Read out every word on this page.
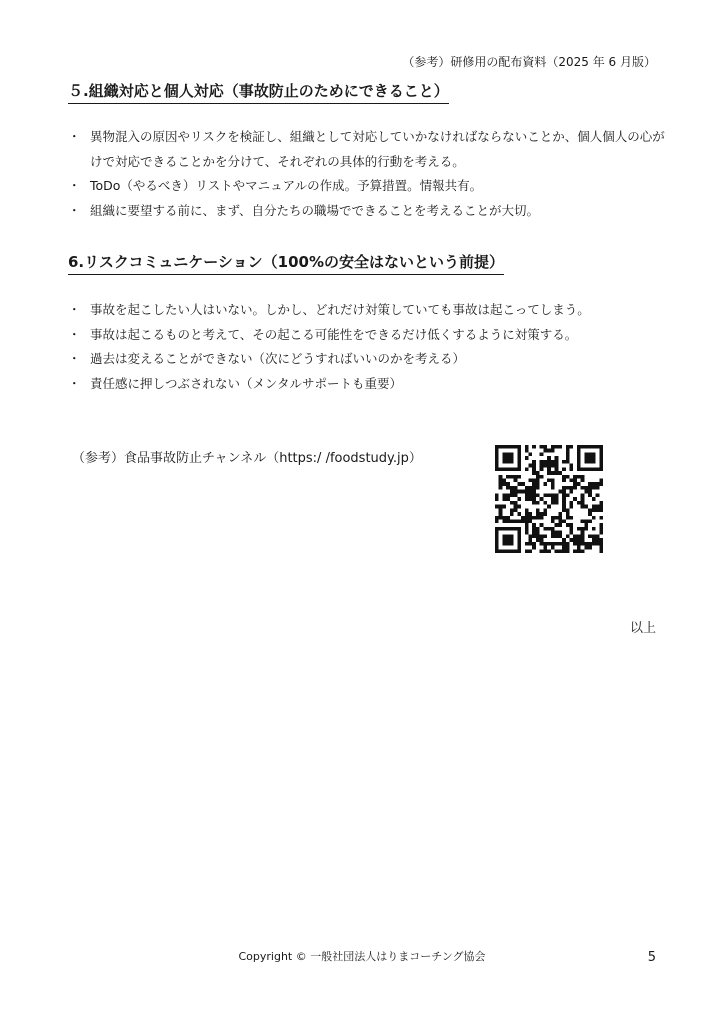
（参考）研修用の配布資料（2025 年 6 月版）
５.組織対応と個人対応（事故防止のためにできること）
・ 異物混入の原因やリスクを検証し、組織として対応していかなければならないことか、個人個人の心がけで対応できることかを分けて、それぞれの具体的行動を考える。
・ ToDo（やるべき）リストやマニュアルの作成。予算措置。情報共有。
・ 組織に要望する前に、まず、自分たちの職場でできることを考えることが大切。
6.リスクコミュニケーション（100%の安全はないという前提）
・ 事故を起こしたい人はいない。しかし、どれだけ対策していても事故は起こってしまう。
・ 事故は起こるものと考えて、その起こる可能性をできるだけ低くするように対策する。
・ 過去は変えることができない（次にどうすればいいのかを考える）
・ 責任感に押しつぶされない（メンタルサポートも重要）
（参考）食品事故防止チャンネル（https:/ /foodstudy.jp）
以上
Copyright © 一般社団法人はりまコーチング協会	5
